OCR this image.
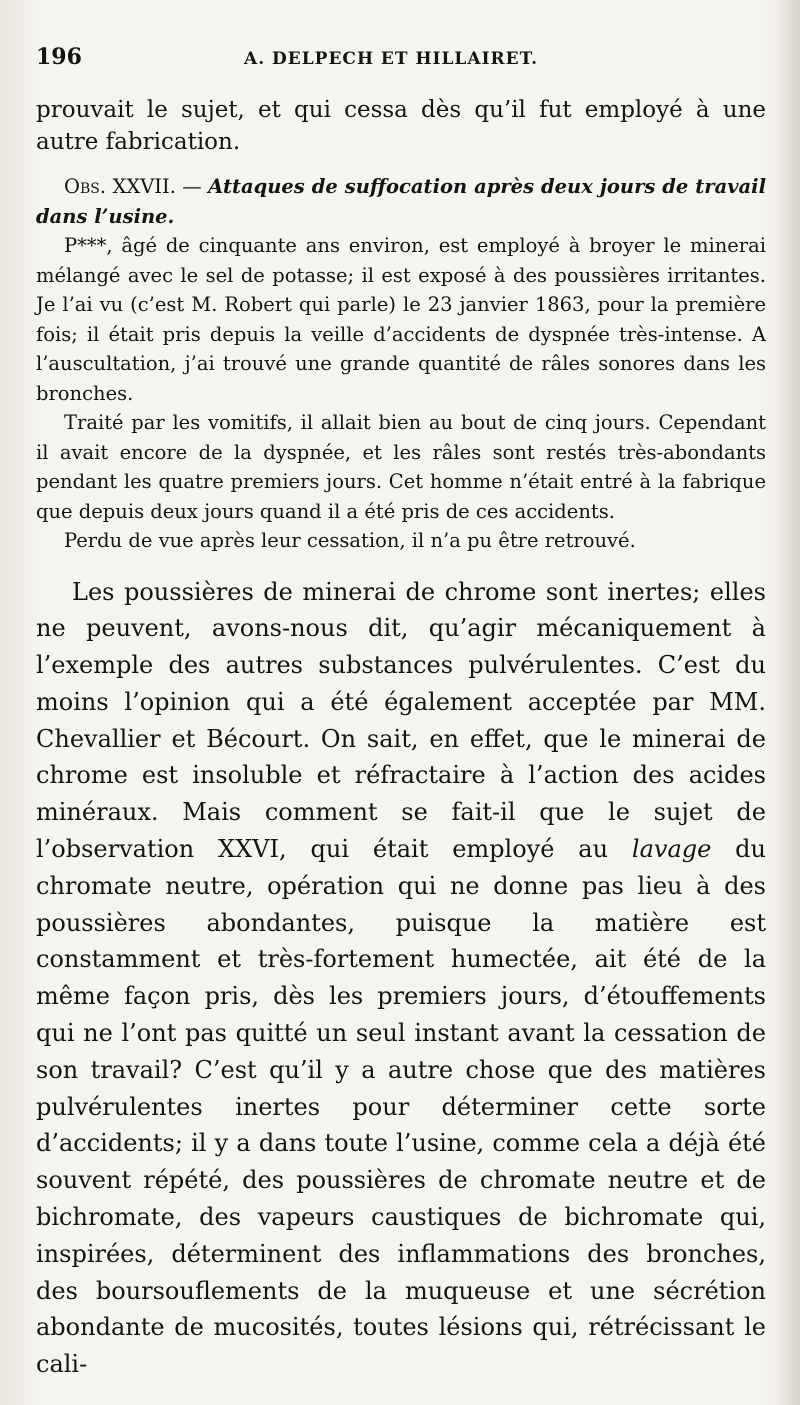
196	A. DELPECH ET HILLAIRET.

prouvait le sujet, et qui cessa dès qu’il fut employé à une autre fabrication.

Obs. XXVII. — Attaques de suffocation après deux jours de travail dans l’usine.

P***, âgé de cinquante ans environ, est employé à broyer le minerai mélangé avec le sel de potasse; il est exposé à des poussières irritantes. Je l’ai vu (c’est M. Robert qui parle) le 23 janvier 1863, pour la première fois; il était pris depuis la veille d’accidents de dyspnée très-intense. A l’auscultation, j’ai trouvé une grande quantité de râles sonores dans les bronches.

Traité par les vomitifs, il allait bien au bout de cinq jours. Cependant il avait encore de la dyspnée, et les râles sont restés très-abondants pendant les quatre premiers jours. Cet homme n’était entré à la fabrique que depuis deux jours quand il a été pris de ces accidents.

Perdu de vue après leur cessation, il n’a pu être retrouvé.

Les poussières de minerai de chrome sont inertes; elles ne peuvent, avons-nous dit, qu’agir mécaniquement à l’exemple des autres substances pulvérulentes. C’est du moins l’opinion qui a été également acceptée par MM. Chevallier et Bécourt. On sait, en effet, que le minerai de chrome est insoluble et réfractaire à l’action des acides minéraux. Mais comment se fait-il que le sujet de l’observation XXVI, qui était employé au lavage du chromate neutre, opération qui ne donne pas lieu à des poussières abondantes, puisque la matière est constamment et très-fortement humectée, ait été de la même façon pris, dès les premiers jours, d’étouffements qui ne l’ont pas quitté un seul instant avant la cessation de son travail? C’est qu’il y a autre chose que des matières pulvérulentes inertes pour déterminer cette sorte d’accidents; il y a dans toute l’usine, comme cela a déjà été souvent répété, des poussières de chromate neutre et de bichromate, des vapeurs caustiques de bichromate qui, inspirées, déterminent des inflammations des bronches, des boursouflements de la muqueuse et une sécrétion abondante de mucosités, toutes lésions qui, rétrécissant le cali-
